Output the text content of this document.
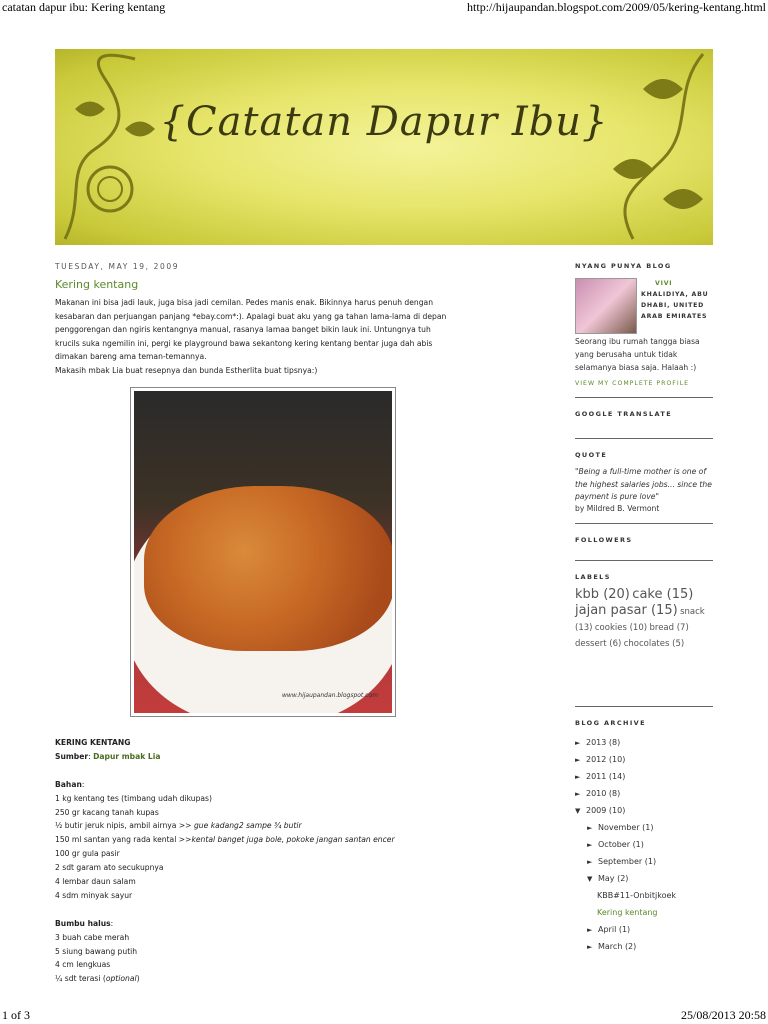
catatan dapur ibu: Kering kentang	http://hijaupandan.blogspot.com/2009/05/kering-kentang.html
{Catatan Dapur Ibu}
TUESDAY, MAY 19, 2009
Kering kentang
Makanan ini bisa jadi lauk, juga bisa jadi cemilan. Pedes manis enak. Bikinnya harus penuh dengan
kesabaran dan perjuangan panjang *ebay.com*:). Apalagi buat aku yang ga tahan lama-lama di depan
penggorengan dan ngiris kentangnya manual, rasanya lamaa banget bikin lauk ini. Untungnya tuh
krucils suka ngemilin ini, pergi ke playground bawa sekantong kering kentang bentar juga dah abis
dimakan bareng ama teman-temannya.
Makasih mbak Lia buat resepnya dan bunda Estherlita buat tipsnya:)
www.hijaupandan.blogspot.com
KERING KENTANG
Sumber: Dapur mbak Lia
Bahan:
1 kg kentang tes (timbang udah dikupas)
250 gr kacang tanah kupas
½ butir jeruk nipis, ambil airnya >> gue kadang2 sampe ¾ butir
150 ml santan yang rada kental >>kental banget juga bole, pokoke jangan santan encer
100 gr gula pasir
2 sdt garam ato secukupnya
4 lembar daun salam
4 sdm minyak sayur
Bumbu halus:
3 buah cabe merah
5 siung bawang putih
4 cm lengkuas
¼ sdt terasi (optional)
NYANG PUNYA BLOG
VIVI
KHALIDIYA, ABU DHABI, UNITED ARAB EMIRATES
Seorang ibu rumah tangga biasa yang berusaha untuk tidak selamanya biasa saja. Halaah :)
VIEW MY COMPLETE PROFILE
GOOGLE TRANSLATE
QUOTE
"Being a full-time mother is one of the highest salaries jobs... since the payment is pure love"
by Mildred B. Vermont
FOLLOWERS
LABELS
kbb (20) cake (15) jajan pasar (15) snack (13) cookies (10) bread (7) dessert (6) chocolates (5)
BLOG ARCHIVE
► 2013 (8)
► 2012 (10)
► 2011 (14)
► 2010 (8)
▼ 2009 (10)
► November (1)
► October (1)
► September (1)
▼ May (2)
KBB#11-Onbitjkoek
Kering kentang
► April (1)
► March (2)
1 of 3	25/08/2013 20:58
